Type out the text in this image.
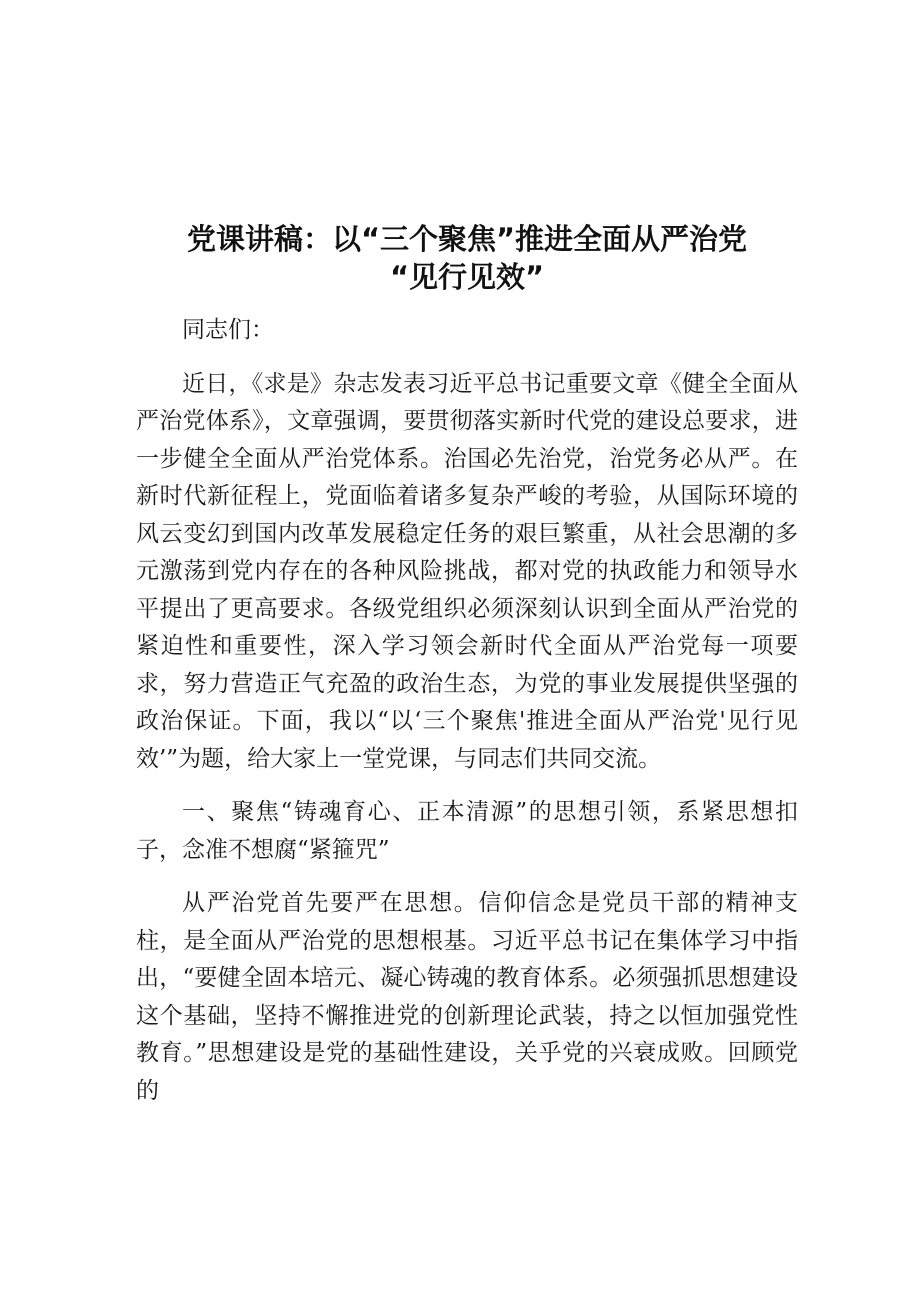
党课讲稿：以“三个聚焦”推进全面从严治党
“见行见效”

同志们：

近日，《求是》杂志发表习近平总书记重要文章《健全全面从严治党体系》，文章强调，要贯彻落实新时代党的建设总要求，进一步健全全面从严治党体系。治国必先治党，治党务必从严。在新时代新征程上，党面临着诸多复杂严峻的考验，从国际环境的风云变幻到国内改革发展稳定任务的艰巨繁重，从社会思潮的多元激荡到党内存在的各种风险挑战，都对党的执政能力和领导水平提出了更高要求。各级党组织必须深刻认识到全面从严治党的紧迫性和重要性，深入学习领会新时代全面从严治党每一项要求，努力营造正气充盈的政治生态，为党的事业发展提供坚强的政治保证。下面，我以“以‘三个聚焦'推进全面从严治党'见行见效’”为题，给大家上一堂党课，与同志们共同交流。

一、聚焦“铸魂育心、正本清源”的思想引领，系紧思想扣子，念准不想腐“紧箍咒”

从严治党首先要严在思想。信仰信念是党员干部的精神支柱，是全面从严治党的思想根基。习近平总书记在集体学习中指出，“要健全固本培元、凝心铸魂的教育体系。必须强抓思想建设这个基础，坚持不懈推进党的创新理论武装，持之以恒加强党性教育。”思想建设是党的基础性建设，关乎党的兴衰成败。回顾党的
